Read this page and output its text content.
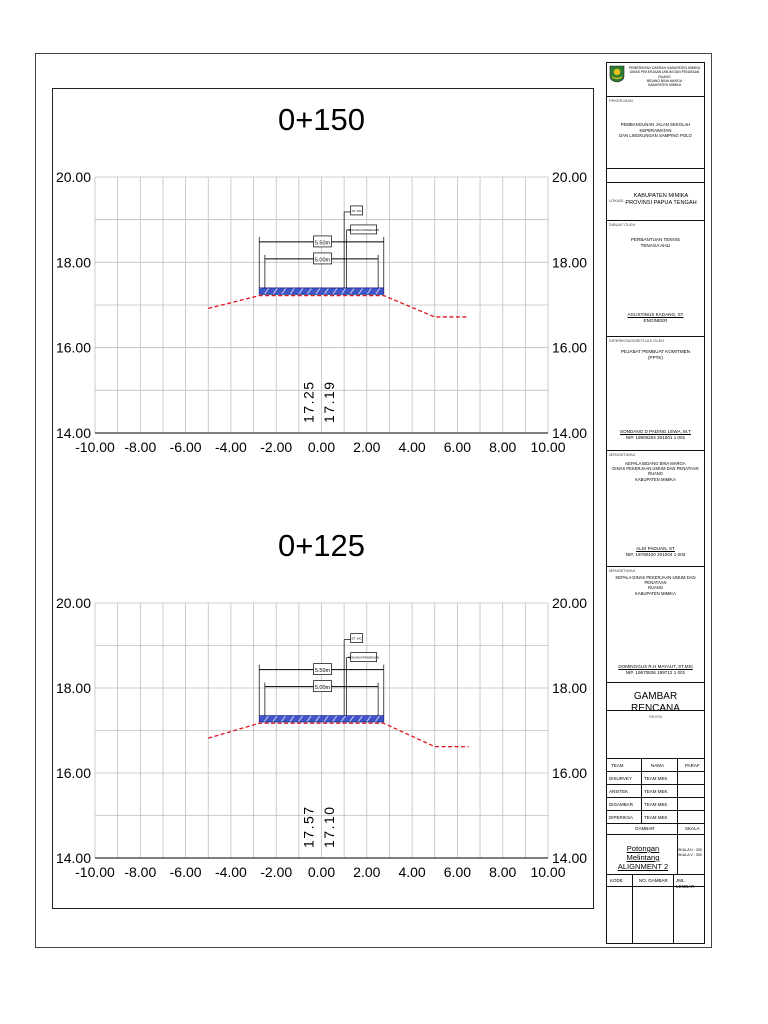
0+150
-10.00 -8.00 -6.00 -4.00 -2.00 0.00 2.00 4.00 6.00 8.00 10.00
14.00	14.00
16.00	16.00
18.00	18.00
20.00	20.00
5.50m
5.00m
ST. WC
RENCANA PERKERASAN
17.25 17.19
0+125
-10.00 -8.00 -6.00 -4.00 -2.00 0.00 2.00 4.00 6.00 8.00 10.00
14.00	14.00
16.00	16.00
18.00	18.00
20.00	20.00
5.50m
5.00m
ST. WC
RENCANA PERKERASAN
17.57 17.10
PEMERINTAH DAERAH KABUPATEN MIMIKA
DINAS PEKERJAAN UMUM DAN PENATAAN RUANG
BIDANG BINA MARGA
KABUPATEN MIMIKA
PEKERJAAN
PEMBANGUNAN JALAN SEKOLAH KEPERAWATAN
DAN LINGKUNGAN SAMPING POLO
LOKASI
KABUPATEN MIMIKA
PROVINSI PAPUA TENGAH
DIBUAT OLEH
PERBANTUAN TEKNIS
TENAGA AHLI
AGUSTINUS KADANG, ST
ENGINEER
DIPERIKSA/DISETUJUI OLEH
PEJABAT PEMBUAT KOMITMEN
(PPTK)
SONDANG D PADING LEWA, M.T
NIP. 19900204 201001 1 001
MENGETAHUI
KEPALA BIDANG BINA MARGA
DINAS PEKERJAAN UMUM DAN PENATAAN RUANG
KABUPATEN MIMIKA
ALDI PADUAN, ST
NIP. 19780420 201004 1 003
MENGETAHUI
KEPALA DINAS PEKERJAAN UMUM DAN PENATAAN
RUANG
KABUPATEN MIMIKA
DOMINGGUS R.H MAYAUT, ST.MSi
NIP. 19670826 199712 1 001
GAMBAR RENCANA
REVISI
TEAM	NAMA	PARAF
DISURVEY	TEAM MEK
ARSITEK	TEAM MEK
DIGAMBAR TEAM MEK
DIPERIKSA TEAM MEK
GAMBAR	SKALA
Potongan Melintang
ALIGNMENT 2
SKALA H : 300
SKALA V : 300
KODE	NO. GAMBAR JML. LEMBAR
